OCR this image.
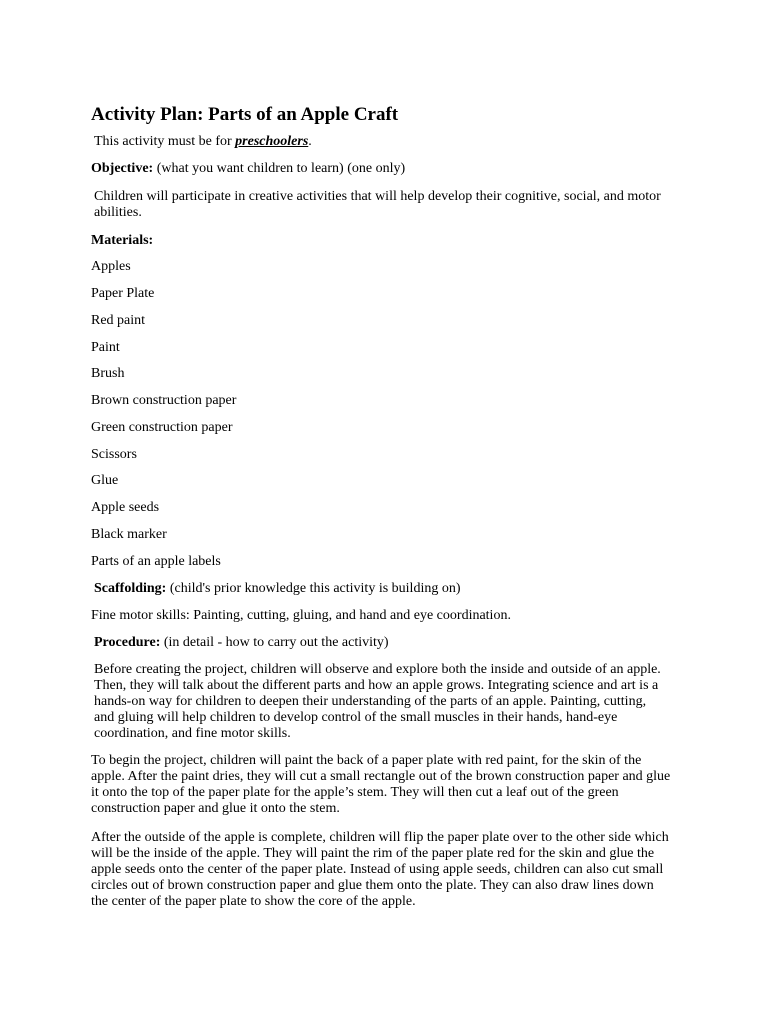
Activity Plan: Parts of an Apple Craft

This activity must be for preschoolers.

Objective: (what you want children to learn) (one only)

Children will participate in creative activities that will help develop their cognitive, social, and motor abilities.

Materials:

Apples

Paper Plate

Red paint

Paint

Brush

Brown construction paper

Green construction paper

Scissors

Glue

Apple seeds

Black marker

Parts of an apple labels

Scaffolding: (child's prior knowledge this activity is building on)

Fine motor skills: Painting, cutting, gluing, and hand and eye coordination.

Procedure: (in detail - how to carry out the activity)

Before creating the project, children will observe and explore both the inside and outside of an apple. Then, they will talk about the different parts and how an apple grows. Integrating science and art is a hands-on way for children to deepen their understanding of the parts of an apple. Painting, cutting, and gluing will help children to develop control of the small muscles in their hands, hand-eye coordination, and fine motor skills.

To begin the project, children will paint the back of a paper plate with red paint, for the skin of the apple. After the paint dries, they will cut a small rectangle out of the brown construction paper and glue it onto the top of the paper plate for the apple’s stem. They will then cut a leaf out of the green construction paper and glue it onto the stem.

After the outside of the apple is complete, children will flip the paper plate over to the other side which will be the inside of the apple. They will paint the rim of the paper plate red for the skin and glue the apple seeds onto the center of the paper plate. Instead of using apple seeds, children can also cut small circles out of brown construction paper and glue them onto the plate. They can also draw lines down the center of the paper plate to show the core of the apple.
